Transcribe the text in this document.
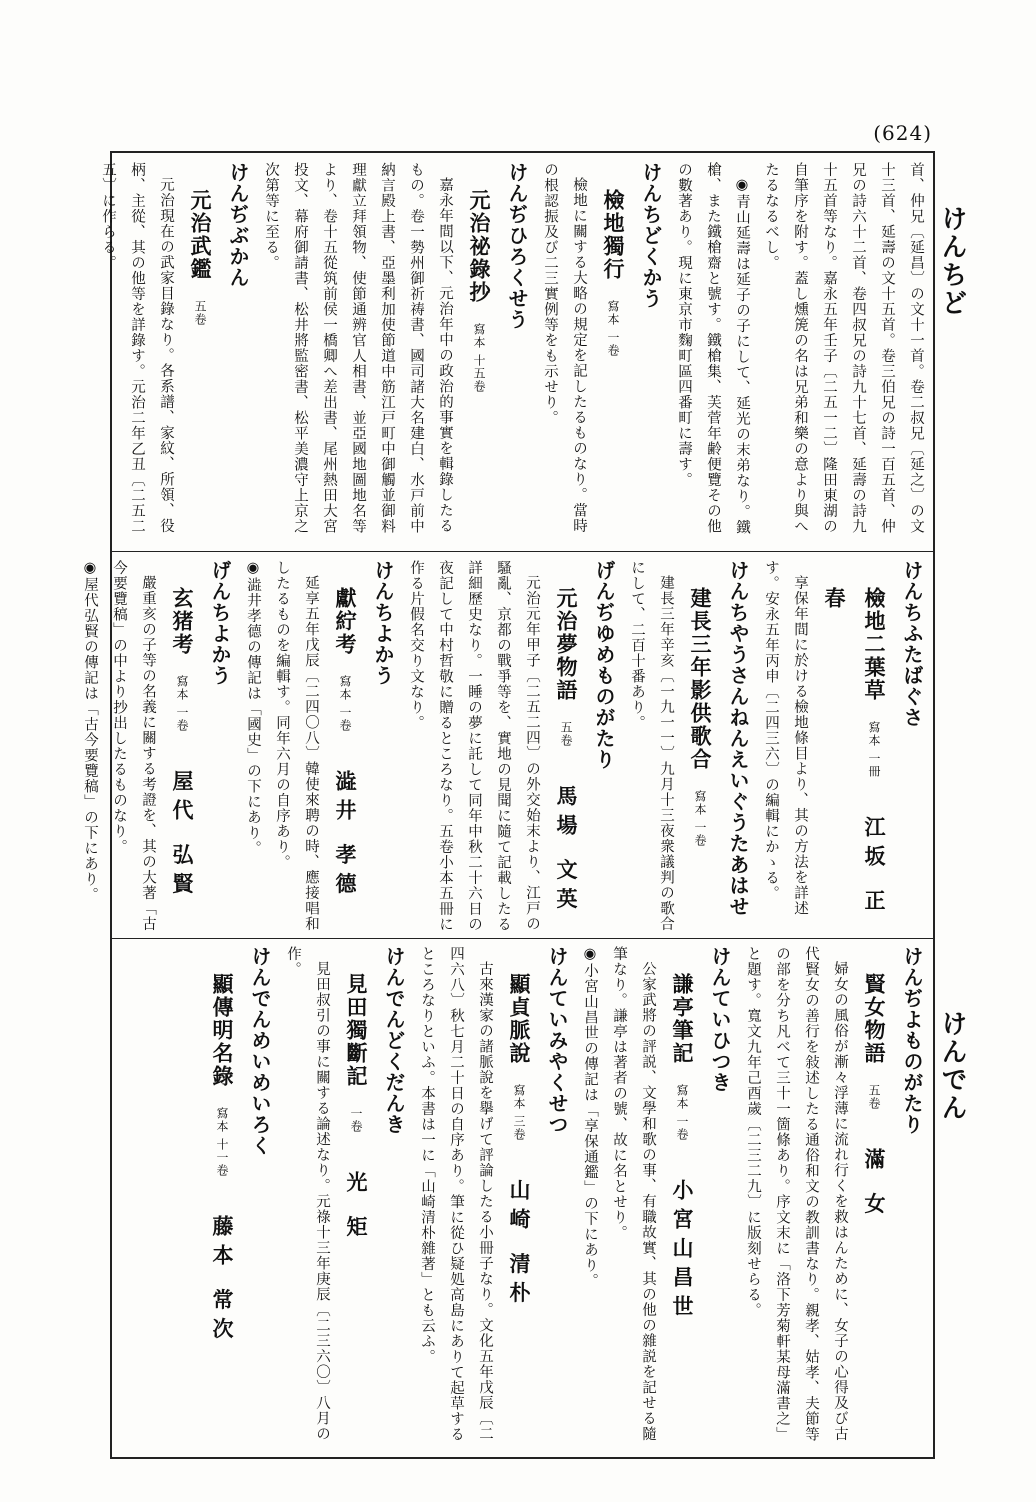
(624)
けんちど
けんでん
首、仲兄〔延昌〕の文十一首。卷二叔兄〔延之〕の文十三首、延壽の文十五首。卷三伯兄の詩一百五首、仲兄の詩六十二首、卷四叔兄の詩九十七首、延壽の詩九十五首等なり。嘉永五年壬子〔二五一二〕隆田東湖の自筆序を附す。蓋し燻箎の名は兄弟和樂の意より與へたるなるべし。
◉青山延壽は延子の子にして、延光の末弟なり。鐵槍、また鐵槍齋と號す。鐵槍集、芙菅年齢便覽その他の數著あり。現に東京市麴町區四番町に壽す。
けんちどくかう
檢地獨行寫本 一卷
檢地に關する大略の規定を記したるものなり。當時の根認振及び二三實例等をも示せり。
けんぢひろくせう
元治祕錄抄寫本 十五卷
嘉永年間以下、元治年中の政治的事實を輯錄したるもの。卷一勢州御祈祷書、國司諸大名建白、水戸前中納言殿上書、亞墨利加使節道中筋江戸町中御觸並御料理獻立拜領物、使節通辨官人相書、並亞國地圖地名等より、卷十五從筑前侯一橋卿へ差出書、尾州熱田大宮投文、幕府御請書、松井將監密書、松平美濃守上京之次第等に至る。
けんぢぶかん
元治武鑑五卷
元治現在の武家目錄なり。各系譜、家紋、所領、役柄、主從、其の他等を詳錄す。元治二年乙丑〔二五二五〕に作らる。
けんちふたばぐさ
檢地二葉草寫本 一冊江坂 正春
享保年間に於ける檢地條目より、其の方法を詳述す。安永五年丙申〔二四三六〕の編輯にかゝる。
けんちやうさんねんえいぐうたあはせ
建長三年影供歌合寫本 一卷
建長三年辛亥〔一九一一〕九月十三夜衆議判の歌合にして、二百十番あり。
げんぢゆめものがたり
元治夢物語五卷馬場 文英
元治元年甲子〔二五二四〕の外交始末より、江戸の騷亂、京都の戰爭等を、實地の見聞に隨て記載したる詳細歷史なり。一睡の夢に託して同年中秋二十六日の夜記して中村哲敬に贈るところなり。五卷小本五冊に作る片假名交り文なり。
けんちよかう
獻紵考寫本 一卷澁井 孝德
延享五年戊辰〔二四〇八〕韓使來聘の時、應接唱和したるものを編輯す。同年六月の自序あり。
◉澁井孝德の傳記は「國史」の下にあり。
げんちよかう
玄猪考寫本 一卷屋代 弘賢
嚴重亥の子等の名義に關する考證を、其の大著「古今要覽稿」の中より抄出したるものなり。
◉屋代弘賢の傳記は「古今要覽稿」の下にあり。
けんぢよものがたり
賢女物語五卷滿 女
婦女の風俗が漸々浮薄に流れ行くを救はんために、女子の心得及び古代賢女の善行を敍述したる通俗和文の教訓書なり。親孝、姑孝、夫節等の部を分ち凡べて三十一箇條あり。序文末に「洛下芳菊軒某母滿書之」と題す。寬文九年己酉歲〔二三二九〕に版刻せらる。
けんていひつき
謙亭筆記寫本 一卷小宮山昌世
公家武將の評説、文學和歌の事、有職故實、其の他の雜説を記せる隨筆なり。謙亭は著者の號、故に名とせり。
◉小宮山昌世の傳記は「享保通鑑」の下にあり。
けんていみやくせつ
顯貞脈說寫本 三卷山崎 清朴
古來漢家の諸脈說を擧げて評論したる小冊子なり。文化五年戊辰〔二四六八〕秋七月二十日の自序あり。筆に從ひ疑処高島にありて起草するところなりといふ。本書は一に「山崎清朴雜著」とも云ふ。
けんでんどくだんき
見田獨斷記一卷光 矩
見田叔引の事に關する論述なり。元祿十三年庚辰〔二三六〇〕八月の作。
けんでんめいめいろく
顯傳明名錄寫本 十一卷藤本 常次
